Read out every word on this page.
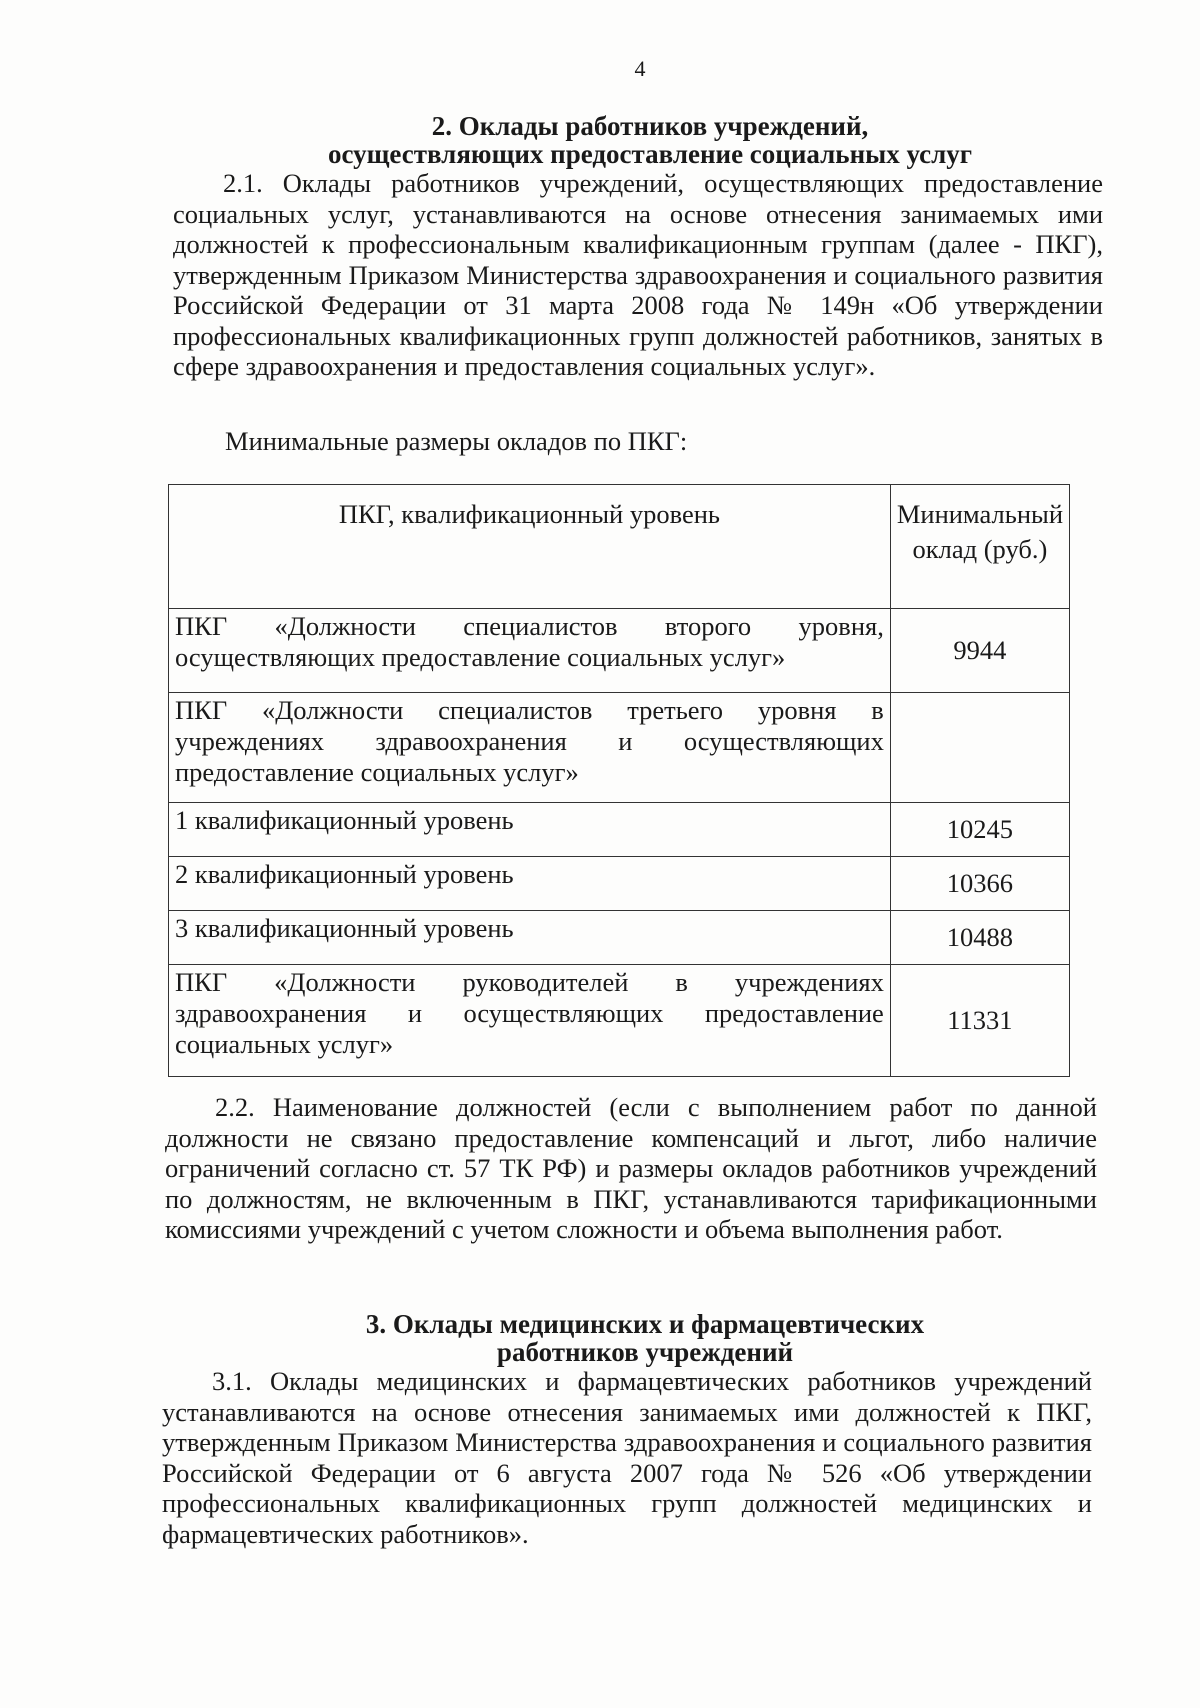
4
2. Оклады работников учреждений,
осуществляющих предоставление социальных услуг
2.1. Оклады работников учреждений, осуществляющих предоставление социальных услуг, устанавливаются на основе отнесения занимаемых ими должностей к профессиональным квалификационным группам (далее - ПКГ), утвержденным Приказом Министерства здравоохранения и социального развития Российской Федерации от 31 марта 2008 года № 149н «Об утверждении профессиональных квалификационных групп должностей работников, занятых в сфере здравоохранения и предоставления социальных услуг».
Минимальные размеры окладов по ПКГ:
ПКГ, квалификационный уровень	Минимальный оклад (руб.)
ПКГ «Должности специалистов второго уровня, осуществляющих предоставление социальных услуг»	9944
ПКГ «Должности специалистов третьего уровня в учреждениях здравоохранения и осуществляющих предоставление социальных услуг»	
1 квалификационный уровень	10245
2 квалификационный уровень	10366
3 квалификационный уровень	10488
ПКГ «Должности руководителей в учреждениях здравоохранения и осуществляющих предоставление социальных услуг»	11331
2.2. Наименование должностей (если с выполнением работ по данной должности не связано предоставление компенсаций и льгот, либо наличие ограничений согласно ст. 57 ТК РФ) и размеры окладов работников учреждений по должностям, не включенным в ПКГ, устанавливаются тарификационными комиссиями учреждений с учетом сложности и объема выполнения работ.
3. Оклады медицинских и фармацевтических
работников учреждений
3.1. Оклады медицинских и фармацевтических работников учреждений устанавливаются на основе отнесения занимаемых ими должностей к ПКГ, утвержденным Приказом Министерства здравоохранения и социального развития Российской Федерации от 6 августа 2007 года № 526 «Об утверждении профессиональных квалификационных групп должностей медицинских и фармацевтических работников».
